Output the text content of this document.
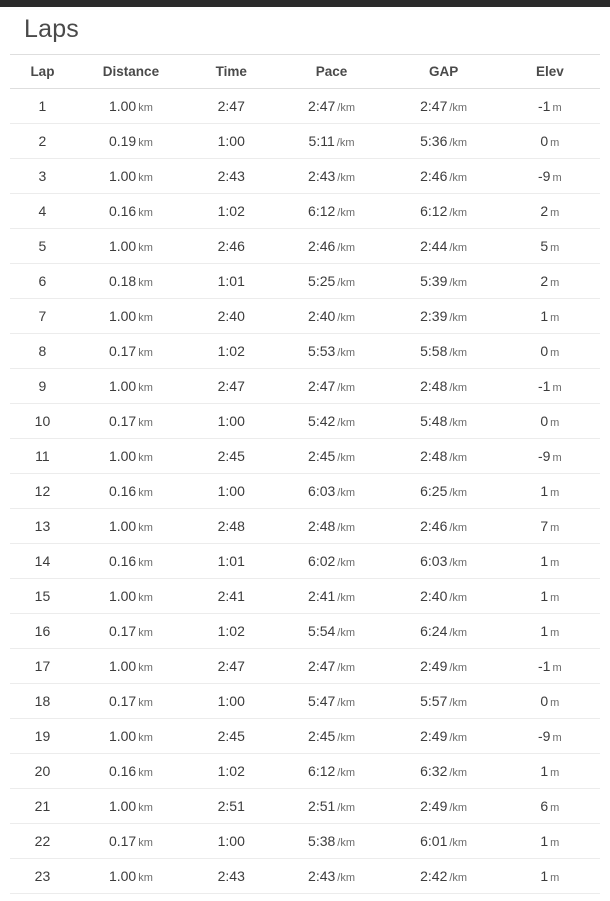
Laps
Lap	Distance	Time	Pace	GAP	Elev
1	1.00 km	2:47	2:47 /km	2:47 /km	-1 m
2	0.19 km	1:00	5:11 /km	5:36 /km	0 m
3	1.00 km	2:43	2:43 /km	2:46 /km	-9 m
4	0.16 km	1:02	6:12 /km	6:12 /km	2 m
5	1.00 km	2:46	2:46 /km	2:44 /km	5 m
6	0.18 km	1:01	5:25 /km	5:39 /km	2 m
7	1.00 km	2:40	2:40 /km	2:39 /km	1 m
8	0.17 km	1:02	5:53 /km	5:58 /km	0 m
9	1.00 km	2:47	2:47 /km	2:48 /km	-1 m
10	0.17 km	1:00	5:42 /km	5:48 /km	0 m
11	1.00 km	2:45	2:45 /km	2:48 /km	-9 m
12	0.16 km	1:00	6:03 /km	6:25 /km	1 m
13	1.00 km	2:48	2:48 /km	2:46 /km	7 m
14	0.16 km	1:01	6:02 /km	6:03 /km	1 m
15	1.00 km	2:41	2:41 /km	2:40 /km	1 m
16	0.17 km	1:02	5:54 /km	6:24 /km	1 m
17	1.00 km	2:47	2:47 /km	2:49 /km	-1 m
18	0.17 km	1:00	5:47 /km	5:57 /km	0 m
19	1.00 km	2:45	2:45 /km	2:49 /km	-9 m
20	0.16 km	1:02	6:12 /km	6:32 /km	1 m
21	1.00 km	2:51	2:51 /km	2:49 /km	6 m
22	0.17 km	1:00	5:38 /km	6:01 /km	1 m
23	1.00 km	2:43	2:43 /km	2:42 /km	1 m
